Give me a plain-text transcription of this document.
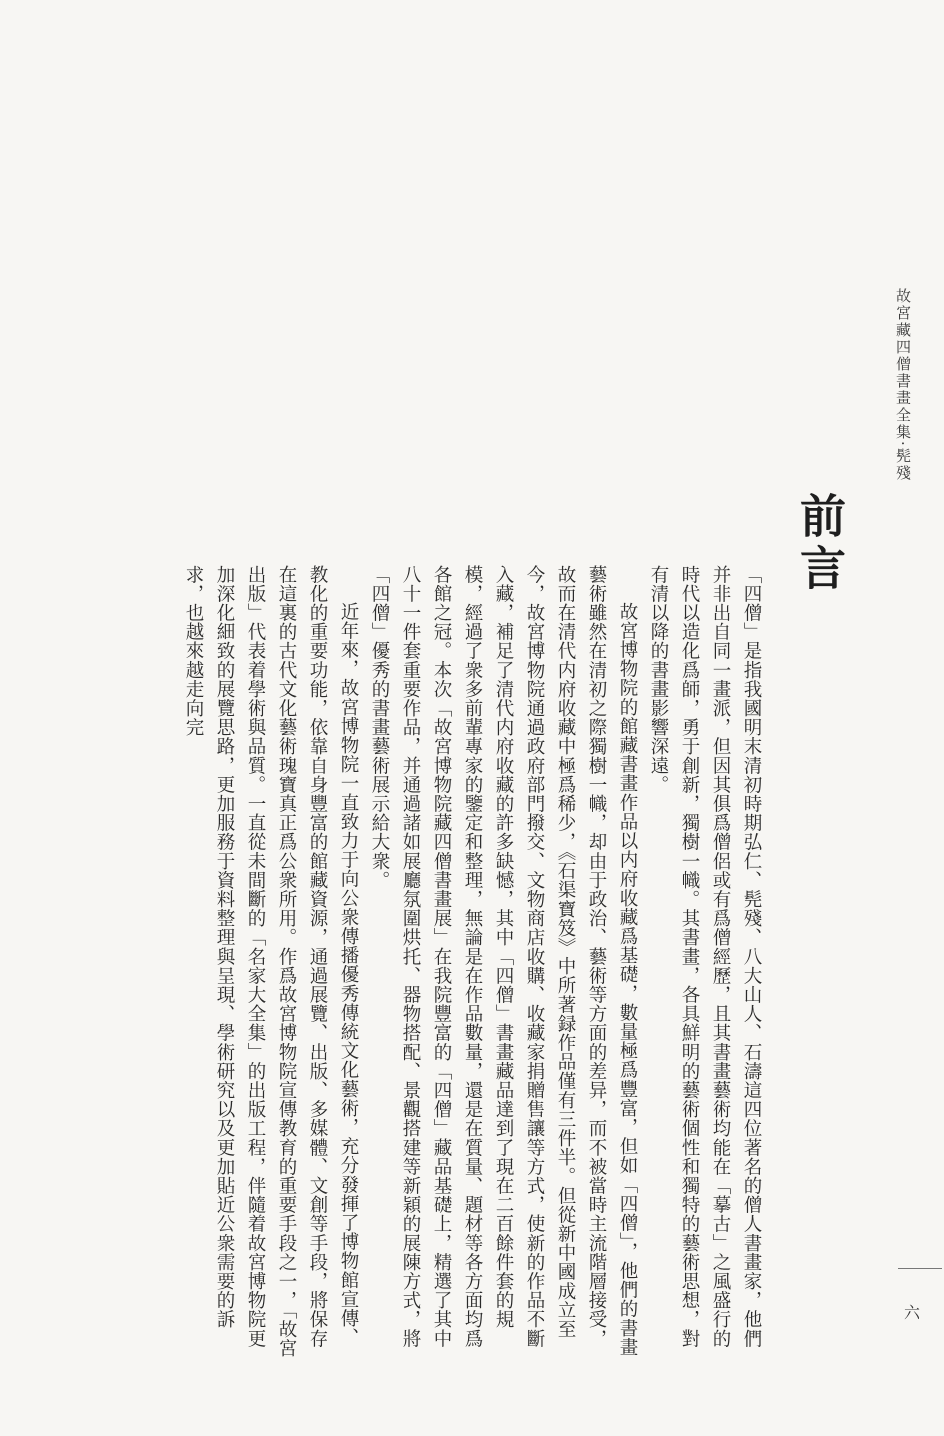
故宮藏四僧書畫全集·髡殘
前言

「四僧」是指我國明末清初時期弘仁、髡殘、八大山人、石濤這四位著名的僧人書畫家，他們并非出自同一畫派，但因其俱爲僧侶或有爲僧經歷，且其書畫藝術均能在「摹古」之風盛行的時代以造化爲師，勇于創新，獨樹一幟。其書畫，各具鮮明的藝術個性和獨特的藝術思想，對有清以降的書畫影響深遠。

故宮博物院的館藏書畫作品以内府收藏爲基礎，數量極爲豐富，但如「四僧」，他們的書畫藝術雖然在清初之際獨樹一幟，却由于政治、藝術等方面的差异，而不被當時主流階層接受，故而在清代内府收藏中極爲稀少，《石渠寶笈》中所著録作品僅有三件半。但從新中國成立至今，故宮博物院通過政府部門撥交、文物商店收購、收藏家捐贈售讓等方式，使新的作品不斷入藏，補足了清代内府收藏的許多缺憾，其中「四僧」書畫藏品達到了現在二百餘件套的規模，經過了衆多前輩專家的鑒定和整理，無論是在作品數量，還是在質量、題材等各方面均爲各館之冠。本次「故宮博物院藏四僧書畫展」在我院豐富的「四僧」藏品基礎上，精選了其中八十一件套重要作品，并通過諸如展廳氛圍烘托、器物搭配、景觀搭建等新穎的展陳方式，將「四僧」優秀的書畫藝術展示給大衆。

近年來，故宮博物院一直致力于向公衆傳播優秀傳統文化藝術，充分發揮了博物館宣傳、教化的重要功能，依靠自身豐富的館藏資源，通過展覽、出版、多媒體、文創等手段，將保存在這裏的古代文化藝術瑰寶真正爲公衆所用。作爲故宮博物院宣傳教育的重要手段之一，「故宮出版」代表着學術與品質。一直從未間斷的「名家大全集」的出版工程，伴隨着故宮博物院更加深化細致的展覽思路，更加服務于資料整理與呈現、學術研究以及更加貼近公衆需要的訴求，也越來越走向完

六
